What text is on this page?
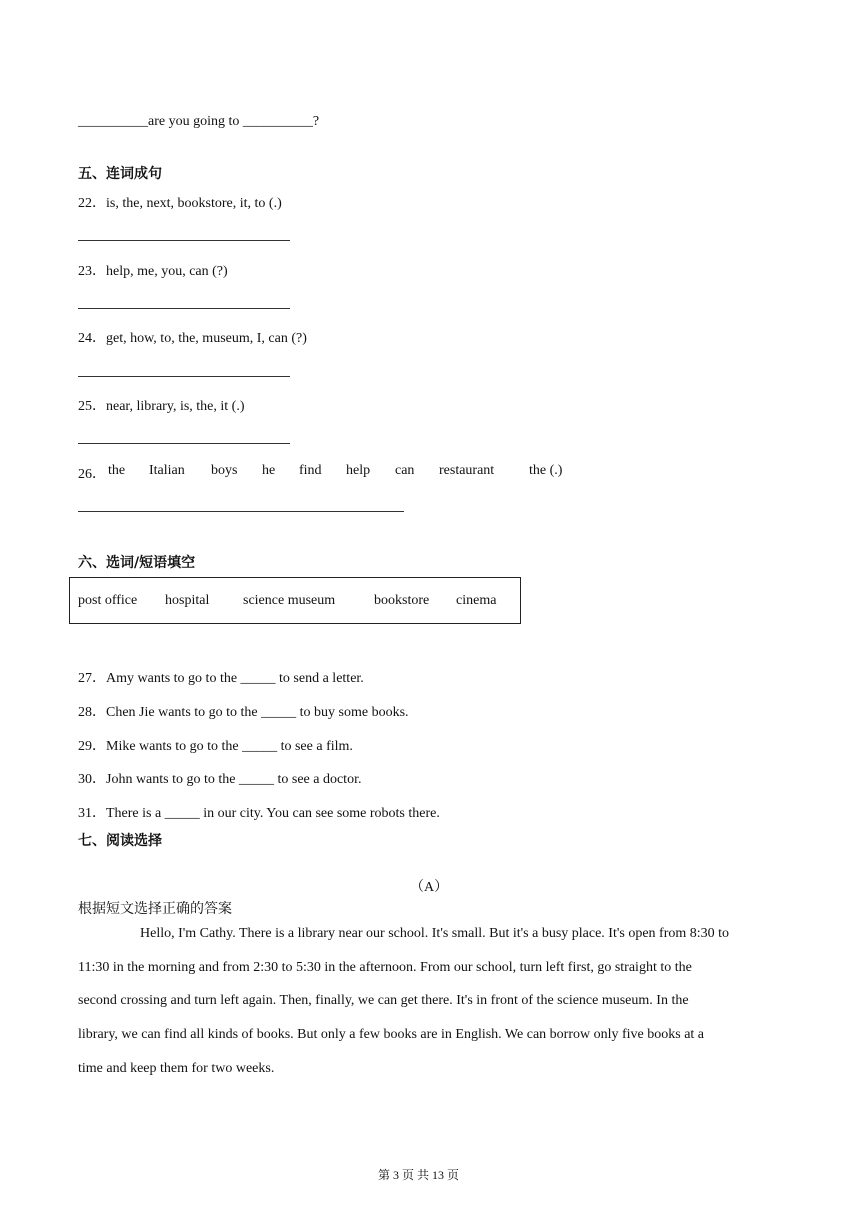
__________are you going to __________?
五、连词成句
22．is, the, next, bookstore, it, to (.)
23．help, me, you, can (?)
24．get, how, to, the, museum, I, can (?)
25．near, library, is, the, it (.)
26． the Italian boys he find help can restaurant the (.)
六、选词/短语填空
post office hospital science museum	bookstore cinema
27．Amy wants to go to the _____ to send a letter.
28．Chen Jie wants to go to the _____ to buy some books.
29．Mike wants to go to the _____ to see a film.
30．John wants to go to the _____ to see a doctor.
31．There is a _____ in our city. You can see some robots there.
七、阅读选择
（A）
根据短文选择正确的答案
Hello, I'm Cathy. There is a library near our school. It's small. But it's a busy place. It's open from 8:30 to
11:30 in the morning and from 2:30 to 5:30 in the afternoon. From our school, turn left first, go straight to the
second crossing and turn left again. Then, finally, we can get there. It's in front of the science museum. In the
library, we can find all kinds of books. But only a few books are in English. We can borrow only five books at a
time and keep them for two weeks.
第 3 页 共 13 页
